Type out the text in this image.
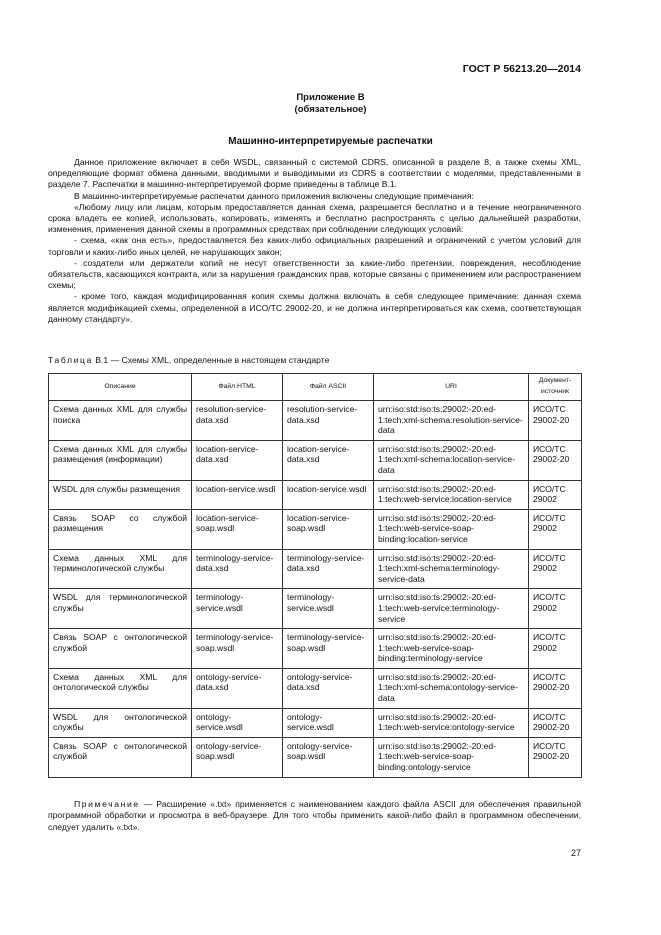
ГОСТ Р 56213.20—2014
Приложение В
(обязательное)
Машинно-интерпретируемые распечатки

Данное приложение включает в себя WSDL, связанный с системой CDRS, описанной в разделе 8, а также схемы XML, определяющие формат обмена данными, вводимыми и выводимыми из CDRS в соответствии с моделями, представленными в разделе 7. Распечатки в машинно-интерпретируемой форме приведены в таблице В.1.

В машинно-интерпретируемые распечатки данного приложения включены следующие примечания:

«Любому лицу или лицам, которым предоставляется данная схема, разрешается бесплатно и в течение неограниченного срока владеть ее копией, использовать, копировать, изменять и бесплатно распространять с целью дальнейшей разработки, изменения, применения данной схемы в программных средствах при соблюдении следующих условий:

- схема, «как она есть», предоставляется без каких-либо официальных разрешений и ограничений с учетом условий для торговли и каких-либо иных целей, не нарушающих закон;

- создатели или держатели копий не несут ответственности за какие-либо претензии, повреждения, несоблюдение обязательств, касающихся контракта, или за нарушения гражданских прав, которые связаны с применением или распространением схемы;

- кроме того, каждая модифицированная копия схемы должна включать в себя следующее примечание: данная схема является модификацией схемы, определенной в ИСО/ТС 29002-20, и не должна интерпретироваться как схема, соответствующая данному стандарту».

Таблица В.1 — Схемы XML, определенные в настоящем стандарте
Описание	Файл HTML	Файл ASCII	URI	Документ-источник
Схема данных XML для службы поиска	resolution-service-data.xsd	resolution-service-data.xsd	urn:iso:std:iso:ts:29002:-20:ed-1:tech:xml-schema:resolution-service-data	ИСО/ТС 29002-20
Схема данных XML для службы размещения (информации)	location-service-data.xsd	location-service-data.xsd	urn:iso:std:iso:ts:29002:-20:ed-1:tech:xml-schema:location-service-data	ИСО/ТС 29002-20
WSDL для службы размещения	location-service.wsdl	location-service.wsdl	urn:iso:std:iso:ts:29002:-20:ed-1:tech:web-service:location-service	ИСО/ТС 29002
Связь SOAP со службой размещения	location-service-soap.wsdl	location-service-soap.wsdl	urn:iso:std:iso:ts:29002:-20:ed-1:tech:web-service-soap-binding:location-service	ИСО/ТС 29002
Схема данных XML для терминологической службы	terminology-service-data.xsd	terminology-service-data.xsd	urn:iso:std:iso:ts:29002:-20:ed-1:tech:xml-schema:terminology-service-data	ИСО/ТС 29002
WSDL для терминологической службы	terminology-service.wsdl	terminology-service.wsdl	urn:iso:std:iso:ts:29002:-20:ed-1:tech:web-service:terminology-service	ИСО/ТС 29002
Связь SOAP с онтологической службой	terminology-service-soap.wsdl	terminology-service-soap.wsdl	urn:iso:std:iso:ts:29002:-20:ed-1:tech:web-service-soap-binding:terminology-service	ИСО/ТС 29002
Схема данных XML для онтологической службы	ontology-service-data.xsd	ontology-service-data.xsd	urn:iso:std:iso:ts:29002:-20:ed-1:tech:xml-schema:ontology-service-data	ИСО/ТС 29002-20
WSDL для онтологической службы	ontology-service.wsdl	ontology-service.wsdl	urn:iso:std:iso:ts:29002:-20:ed-1:tech:web-service:ontology-service	ИСО/ТС 29002-20
Связь SOAP с онтологической службой	ontology-service-soap.wsdl	ontology-service-soap.wsdl	urn:iso:std:iso:ts:29002:-20:ed-1:tech:web-service-soap-binding:ontology-service	ИСО/ТС 29002-20

Примечание — Расширение «.txt» применяется с наименованием каждого файла ASCII для обеспечения правильной программной обработки и просмотра в веб-браузере. Для того чтобы применить какой-либо файл в программном обеспечении, следует удалить «.txt».

27
